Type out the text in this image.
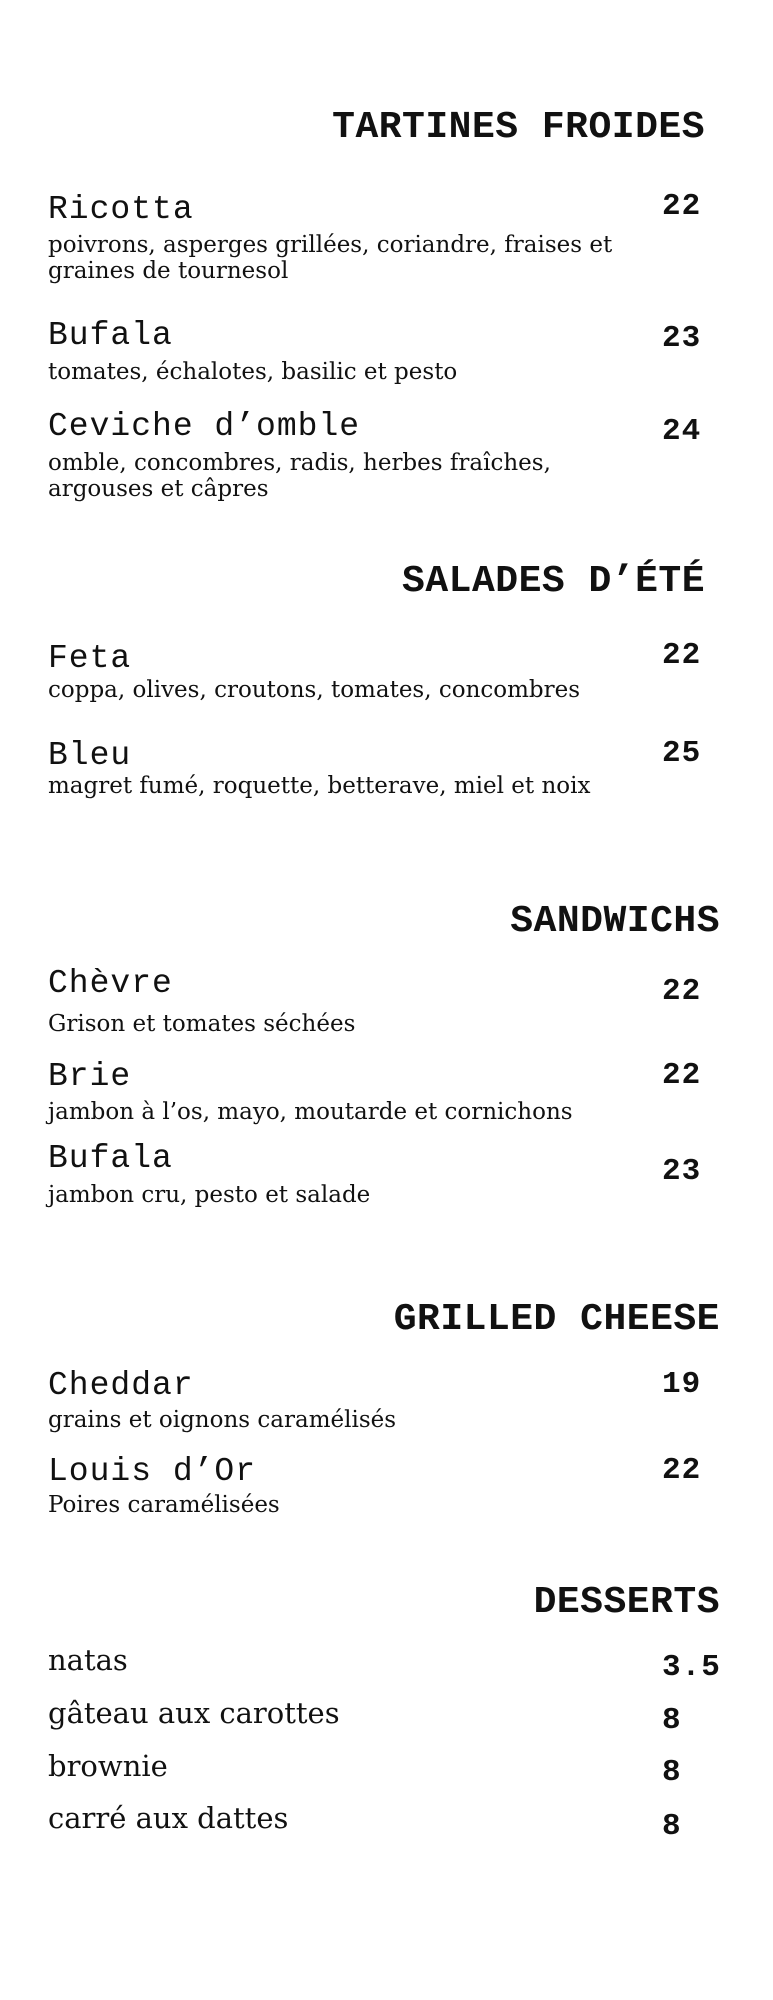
TARTINES FROIDES
Ricotta	22
poivrons, asperges grillées, coriandre, fraises et graines de tournesol
Bufala	23
tomates, échalotes, basilic et pesto
Ceviche d’omble	24
omble, concombres, radis, herbes fraîches, argouses et câpres
SALADES D’ÉTÉ
Feta	22
coppa, olives, croutons, tomates, concombres
Bleu	25
magret fumé, roquette, betterave, miel et noix
SANDWICHS
Chèvre	22
Grison et tomates séchées
Brie	22
jambon à l’os, mayo, moutarde et cornichons
Bufala	23
jambon cru, pesto et salade
GRILLED CHEESE
Cheddar	19
grains et oignons caramélisés
Louis d’Or	22
Poires caramélisées
DESSERTS
natas	3.5
gâteau aux carottes	8
brownie	8
carré aux dattes	8
